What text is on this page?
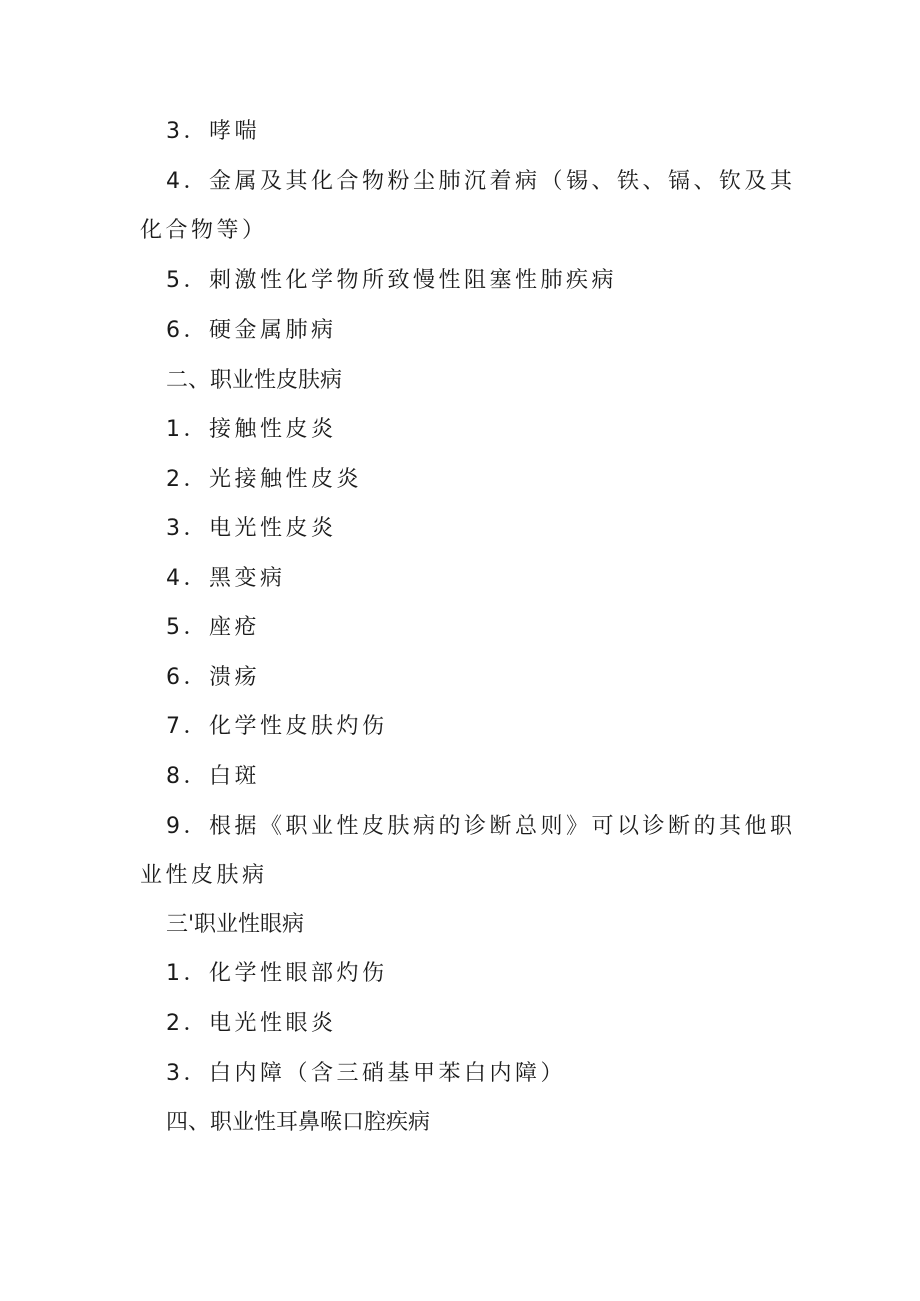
3．哮喘
4．金属及其化合物粉尘肺沉着病（锡、铁、镉、钦及其
化合物等）
5．刺激性化学物所致慢性阻塞性肺疾病
6．硬金属肺病
二、职业性皮肤病
1．接触性皮炎
2．光接触性皮炎
3．电光性皮炎
4．黑变病
5．座疮
6．溃疡
7．化学性皮肤灼伤
8．白斑
9．根据《职业性皮肤病的诊断总则》可以诊断的其他职
业性皮肤病
三'职业性眼病
1．化学性眼部灼伤
2．电光性眼炎
3．白内障（含三硝基甲苯白内障）
四、职业性耳鼻喉口腔疾病
